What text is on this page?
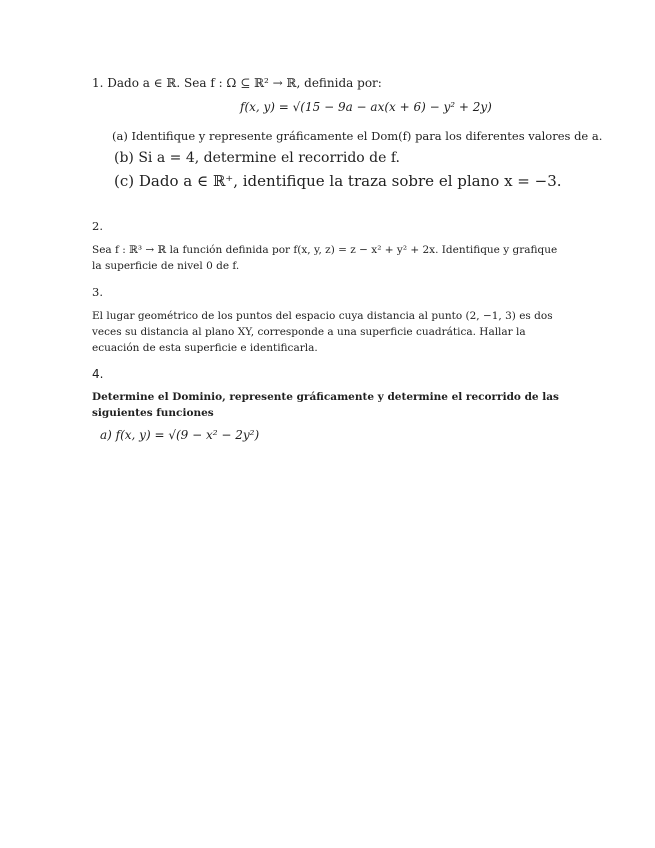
1. Dado a ∈ ℝ. Sea f : Ω ⊆ ℝ² → ℝ, definida por:
f(x, y) = √(15 − 9a − ax(x + 6) − y² + 2y)
(a) Identifique y represente gráficamente el Dom(f) para los diferentes valores de a.
(b) Si a = 4, determine el recorrido de f.
(c) Dado a ∈ ℝ⁺, identifique la traza sobre el plano x = −3.
2.
Sea f : ℝ³ → ℝ la función definida por f(x, y, z) = z − x² + y² + 2x. Identifique y grafique la superficie de nivel 0 de f.
3.
El lugar geométrico de los puntos del espacio cuya distancia al punto (2, −1, 3) es dos veces su distancia al plano XY, corresponde a una superficie cuadrática. Hallar la ecuación de esta superficie e identificarla.
4.
Determine el Dominio, represente gráficamente y determine el recorrido de las siguientes funciones
a) f(x, y) = √(9 − x² − 2y²)
